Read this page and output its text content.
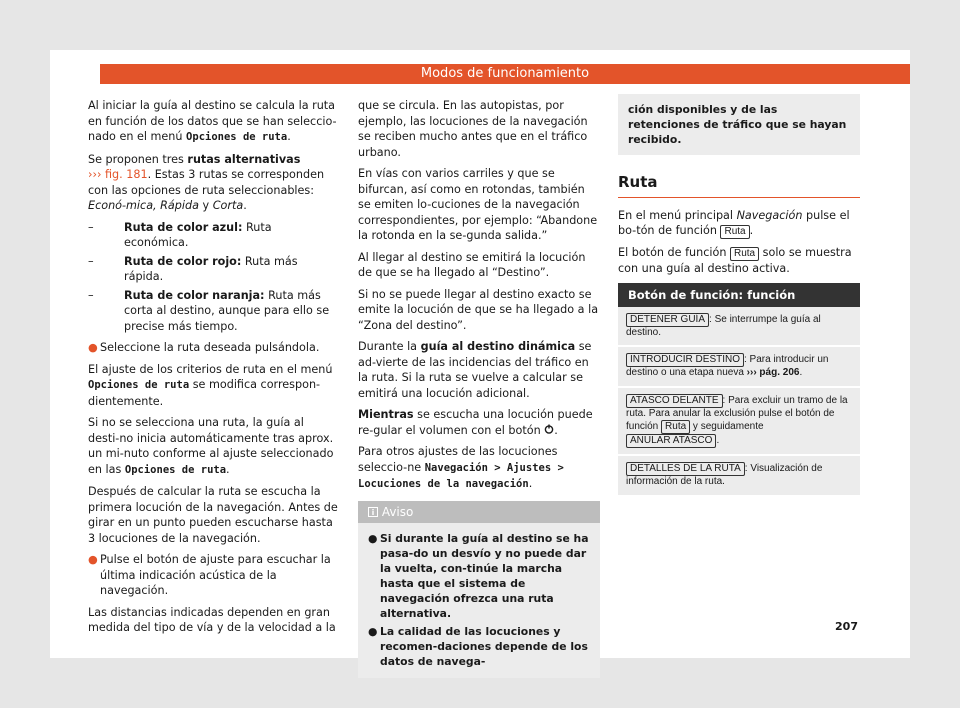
Modos de funcionamiento

Al iniciar la guía al destino se calcula la ruta en función de los datos que se han seleccio-nado en el menú Opciones de ruta.

Se proponen tres rutas alternativas
››› fig. 181. Estas 3 rutas se corresponden con las opciones de ruta seleccionables: Econó-mica, Rápida y Corta.

–	Ruta de color azul: Ruta económica.
–	Ruta de color rojo: Ruta más rápida.
–	Ruta de color naranja: Ruta más corta al destino, aunque para ello se precise más tiempo.

● Seleccione la ruta deseada pulsándola.

El ajuste de los criterios de ruta en el menú Opciones de ruta se modifica correspon-dientemente.

Si no se selecciona una ruta, la guía al desti-no inicia automáticamente tras aprox. un mi-nuto conforme al ajuste seleccionado en las Opciones de ruta.

Después de calcular la ruta se escucha la primera locución de la navegación. Antes de girar en un punto pueden escucharse hasta 3 locuciones de la navegación.

● Pulse el botón de ajuste para escuchar la última indicación acústica de la navegación.

Las distancias indicadas dependen en gran medida del tipo de vía y de la velocidad a la

que se circula. En las autopistas, por ejemplo, las locuciones de la navegación se reciben mucho antes que en el tráfico urbano.

En vías con varios carriles y que se bifurcan, así como en rotondas, también se emiten lo-cuciones de la navegación correspondientes, por ejemplo: “Abandone la rotonda en la se-gunda salida.”

Al llegar al destino se emitirá la locución de que se ha llegado al “Destino”.

Si no se puede llegar al destino exacto se emite la locución de que se ha llegado a la “Zona del destino”.

Durante la guía al destino dinámica se ad-vierte de las incidencias del tráfico en la ruta. Si la ruta se vuelve a calcular se emitirá una locución adicional.

Mientras se escucha una locución puede re-gular el volumen con el botón .

Para otros ajustes de las locuciones seleccio-ne Navegación > Ajustes > Locuciones de la navegación.

Aviso
● Si durante la guía al destino se ha pasa-do un desvío y no puede dar la vuelta, con-tinúe la marcha hasta que el sistema de navegación ofrezca una ruta alternativa.
● La calidad de las locuciones y recomen-daciones depende de los datos de navega-
ción disponibles y de las retenciones de tráfico que se hayan recibido.
Ruta

En el menú principal Navegación pulse el bo-tón de función Ruta .

El botón de función Ruta solo se muestra con una guía al destino activa.

Botón de función: función
DETENER GUÍA : Se interrumpe la guía al destino.
INTRODUCIR DESTINO : Para introducir un destino o una etapa nueva ››› pág. 206.
ATASCO DELANTE : Para excluir un tramo de la ruta. Para anular la exclusión pulse el botón de función Ruta y seguidamente ANULAR ATASCO .
DETALLES DE LA RUTA : Visualización de información de la ruta.
207
